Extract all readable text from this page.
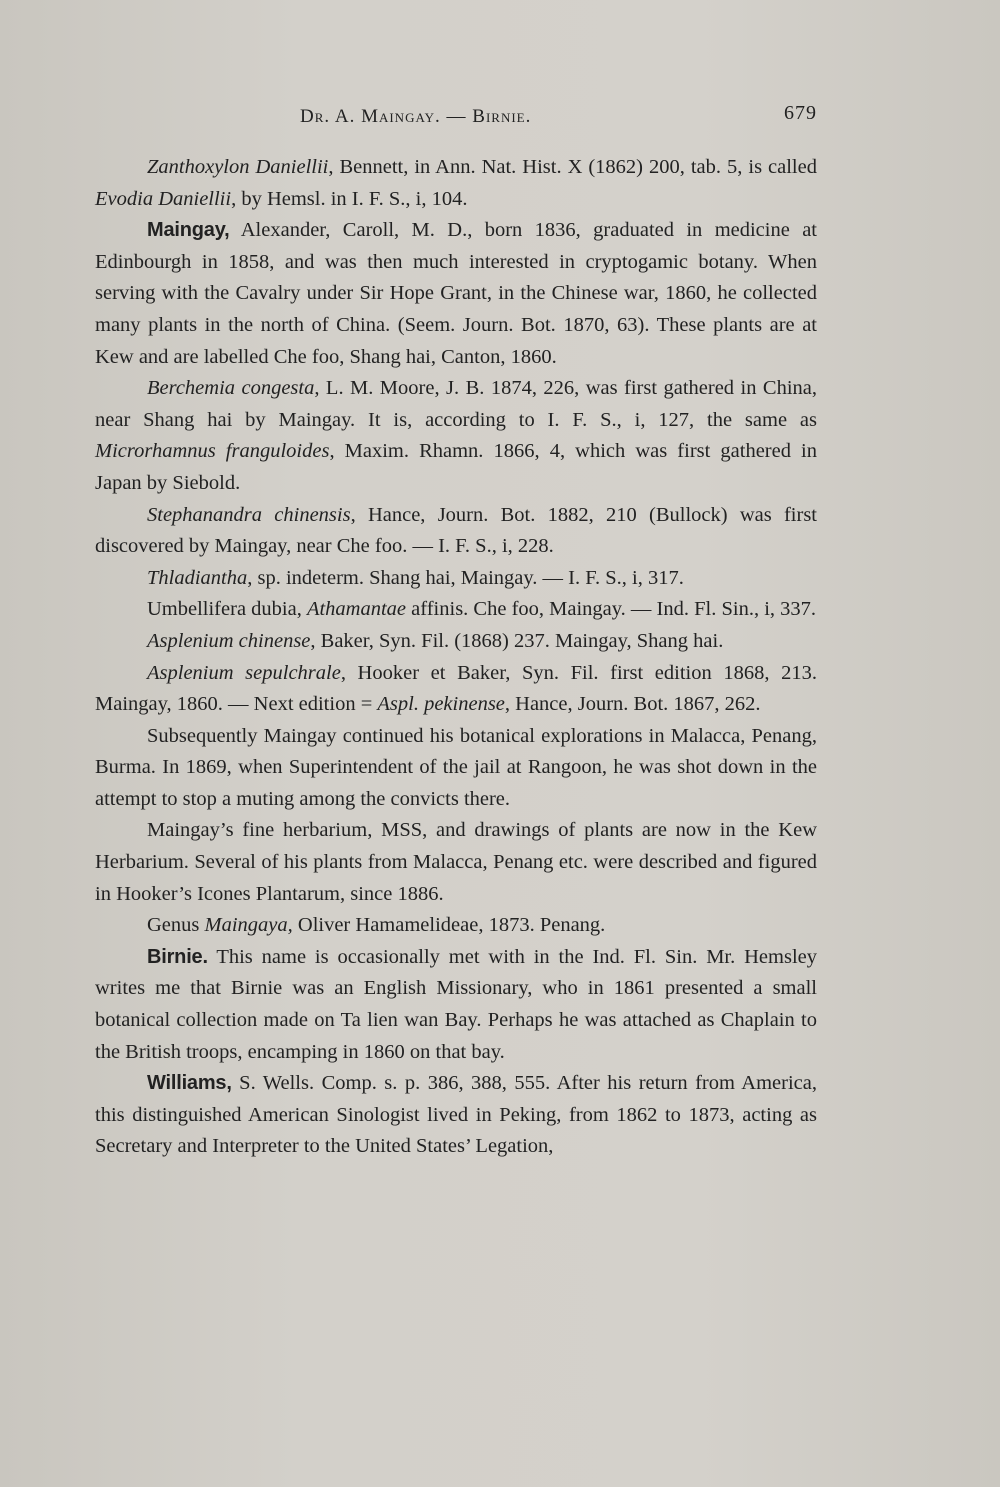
Dr. A. Maingay. — Birnie.	679

Zanthoxylon Daniellii, Bennett, in Ann. Nat. Hist. X (1862) 200, tab. 5, is called Evodia Daniellii, by Hemsl. in I. F. S., i, 104.

Maingay, Alexander, Caroll, M. D., born 1836, graduated in medicine at Edinbourgh in 1858, and was then much interested in cryptogamic botany. When serving with the Cavalry under Sir Hope Grant, in the Chinese war, 1860, he collected many plants in the north of China. (Seem. Journ. Bot. 1870, 63). These plants are at Kew and are labelled Che foo, Shang hai, Canton, 1860.

Berchemia congesta, L. M. Moore, J. B. 1874, 226, was first gathered in China, near Shang hai by Maingay. It is, according to I. F. S., i, 127, the same as Microrhamnus franguloides, Maxim. Rhamn. 1866, 4, which was first gathered in Japan by Siebold.

Stephanandra chinensis, Hance, Journ. Bot. 1882, 210 (Bullock) was first discovered by Maingay, near Che foo. — I. F. S., i, 228.

Thladiantha, sp. indeterm. Shang hai, Maingay. — I. F. S., i, 317.

Umbellifera dubia, Athamantae affinis. Che foo, Maingay. — Ind. Fl. Sin., i, 337.

Asplenium chinense, Baker, Syn. Fil. (1868) 237. Maingay, Shang hai.

Asplenium sepulchrale, Hooker et Baker, Syn. Fil. first edition 1868, 213. Maingay, 1860. — Next edition = Aspl. pekinense, Hance, Journ. Bot. 1867, 262.

Subsequently Maingay continued his botanical explorations in Malacca, Penang, Burma. In 1869, when Superintendent of the jail at Rangoon, he was shot down in the attempt to stop a muting among the convicts there.

Maingay’s fine herbarium, MSS, and drawings of plants are now in the Kew Herbarium. Several of his plants from Malacca, Penang etc. were described and figured in Hooker’s Icones Plantarum, since 1886.

Genus Maingaya, Oliver Hamamelideae, 1873. Penang.

Birnie. This name is occasionally met with in the Ind. Fl. Sin. Mr. Hemsley writes me that Birnie was an English Missionary, who in 1861 presented a small botanical collection made on Ta lien wan Bay. Perhaps he was attached as Chaplain to the British troops, encamping in 1860 on that bay.

Williams, S. Wells. Comp. s. p. 386, 388, 555. After his return from America, this distinguished American Sinologist lived in Peking, from 1862 to 1873, acting as Secretary and Interpreter to the United States’ Legation,
